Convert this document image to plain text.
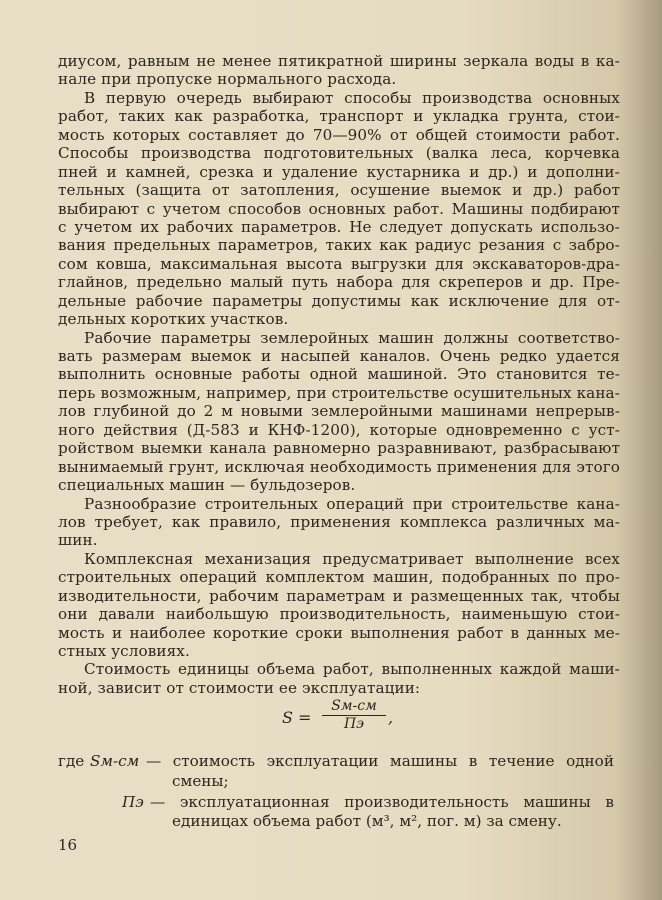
диусом, равным не менее пятикратной ширины зеркала воды в ка-
нале при пропуске нормального расхода.
В первую очередь выбирают способы производства основных
работ, таких как разработка, транспорт и укладка грунта, стои-
мость которых составляет до 70—90% от общей стоимости работ.
Способы производства подготовительных (валка леса, корчевка
пней и камней, срезка и удаление кустарника и др.) и дополни-
тельных (защита от затопления, осушение выемок и др.) работ
выбирают с учетом способов основных работ. Машины подбирают
с учетом их рабочих параметров. Не следует допускать использо-
вания предельных параметров, таких как радиус резания с забро-
сом ковша, максимальная высота выгрузки для экскаваторов-дра-
глайнов, предельно малый путь набора для скреперов и др. Пре-
дельные рабочие параметры допустимы как исключение для от-
дельных коротких участков.
Рабочие параметры землеройных машин должны соответство-
вать размерам выемок и насыпей каналов. Очень редко удается
выполнить основные работы одной машиной. Это становится те-
перь возможным, например, при строительстве осушительных кана-
лов глубиной до 2 м новыми землеройными машинами непрерыв-
ного действия (Д-583 и КНФ-1200), которые одновременно с уст-
ройством выемки канала равномерно разравнивают, разбрасывают
вынимаемый грунт, исключая необходимость применения для этого
специальных машин — бульдозеров.
Разнообразие строительных операций при строительстве кана-
лов требует, как правило, применения комплекса различных ма-
шин.
Комплексная механизация предусматривает выполнение всех
строительных операций комплектом машин, подобранных по про-
изводительности, рабочим параметрам и размещенных так, чтобы
они давали наибольшую производительность, наименьшую стои-
мость и наиболее короткие сроки выполнения работ в данных ме-
стных условиях.
Стоимость единицы объема работ, выполненных каждой маши-
ной, зависит от стоимости ее эксплуатации:
S =
Sм-см
Пэ	,
где Sм-см — стоимость эксплуатации машины в течение одной
смены;
Пэ — эксплуатационная производительность машины в
единицах объема работ (м³, м², пог. м) за смену.
16
